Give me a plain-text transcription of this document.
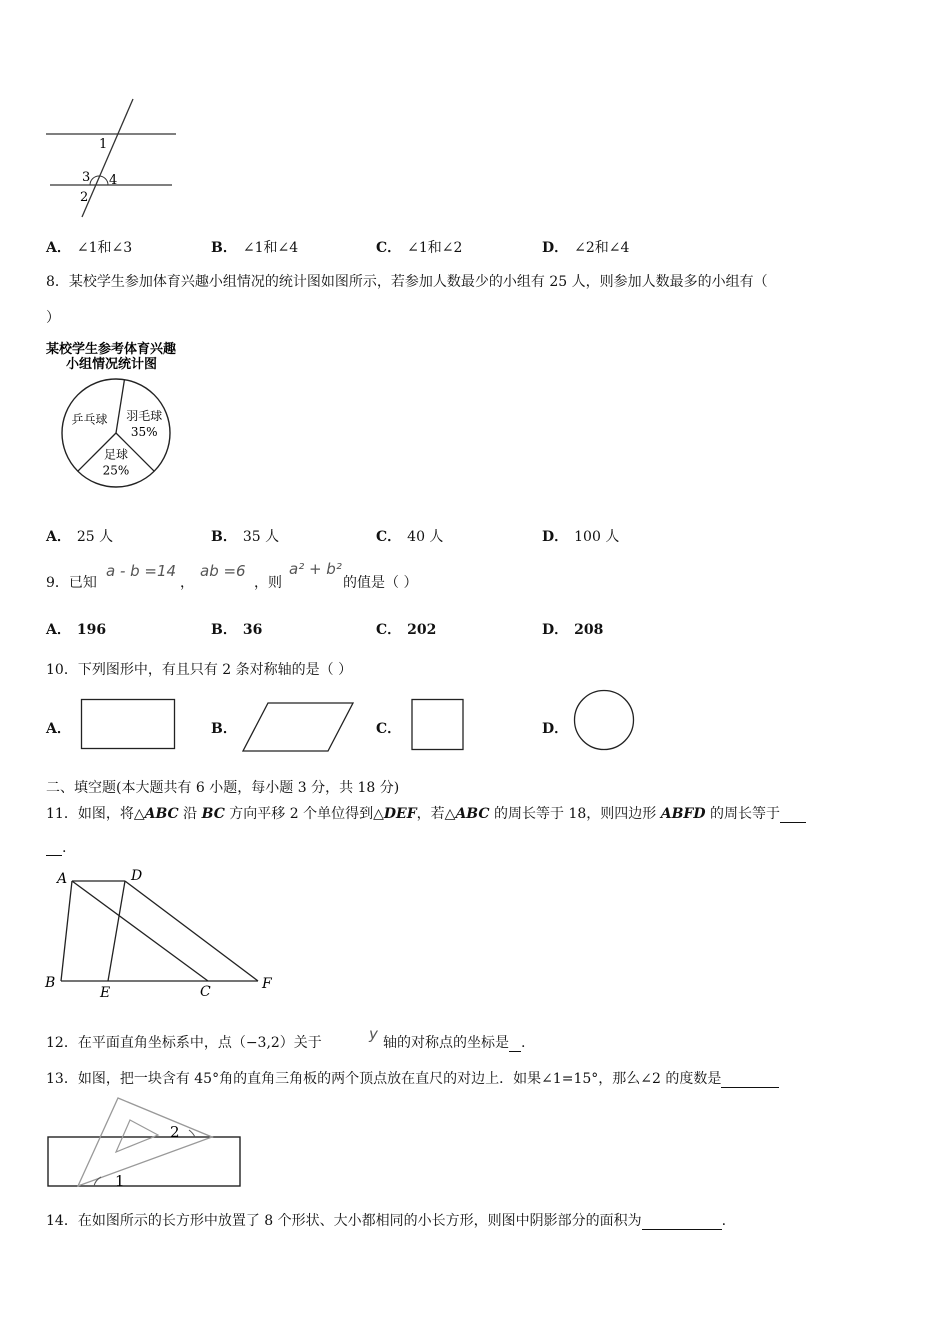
1
3 4
2
A． ∠1和∠3	B． ∠1和∠4	C． ∠1和∠2	D． ∠2和∠4
8．某校学生参加体育兴趣小组情况的统计图如图所示，若参加人数最少的小组有 25 人，则参加人数最多的小组有（
）
某校学生参考体育兴趣
小组情况统计图
足球
25%
乒乓球 羽毛球
35%
A． 25 人	B． 35 人	C． 40 人	D． 100 人
9．已知
a - b =14
，
ab =6
，则
a² + b²
的值是（ ）
A． 196	B． 36	C． 202	D． 208
10．下列图形中，有且只有 2 条对称轴的是（ ）
A．	B．	C．	D．
二、填空题(本大题共有 6 小题，每小题 3 分，共 18 分)
11．如图，将△ABC 沿 BC 方向平移 2 个单位得到△DEF，若△ABC 的周长等于 18，则四边形 ABFD 的周长等于
.
A	D
B
E	C	F
12．在平面直角坐标系中，点（−3,2）关于	y 轴的对称点的坐标是 .
13．如图，把一块含有 45°角的直角三角板的两个顶点放在直尺的对边上．如果∠1=15°，那么∠2 的度数是
2
1
14．在如图所示的长方形中放置了 8 个形状、大小都相同的小长方形，则图中阴影部分的面积为	.
